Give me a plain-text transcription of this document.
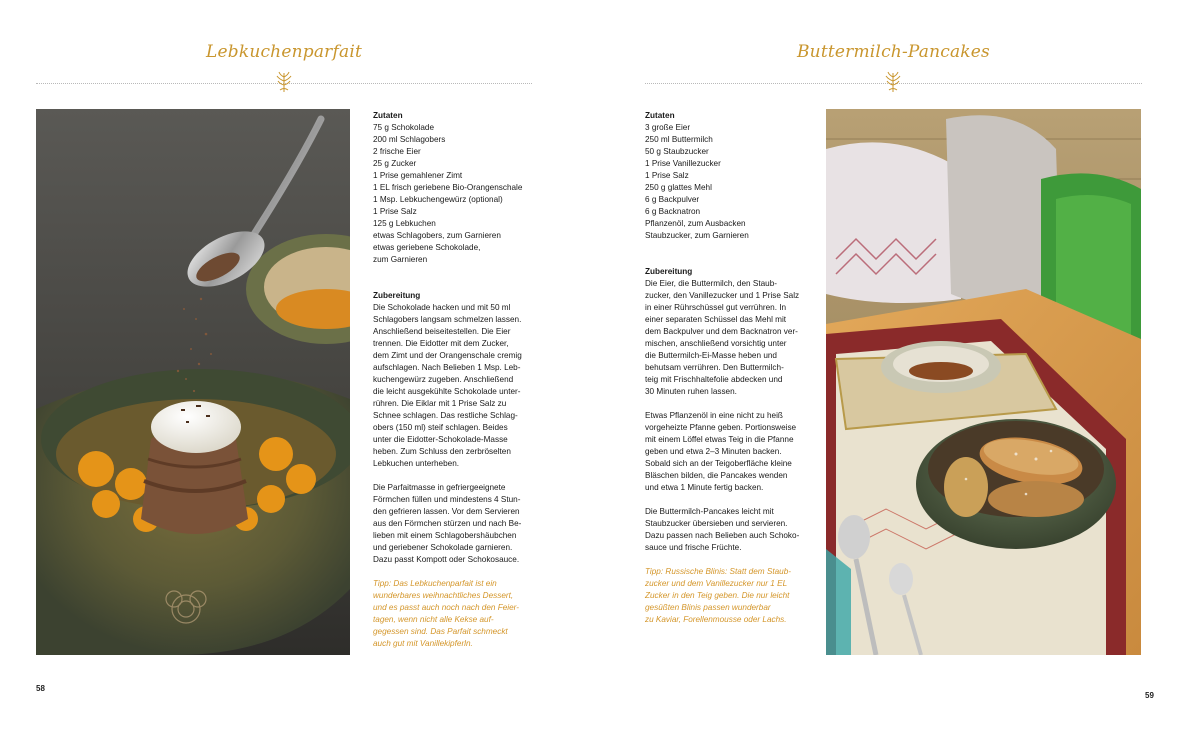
Lebkuchenparfait
Zutaten
75 g Schokolade
200 ml Schlagobers
2 frische Eier
25 g Zucker
1 Prise gemahlener Zimt
1 EL frisch geriebene Bio-Orangenschale
1 Msp. Lebkuchengewürz (optional)
1 Prise Salz
125 g Lebkuchen
etwas Schlagobers, zum Garnieren
etwas geriebene Schokolade,
zum Garnieren
Zubereitung
Die Schokolade hacken und mit 50 ml
Schlagobers langsam schmelzen lassen.
Anschließend beiseitestellen. Die Eier
trennen. Die Eidotter mit dem Zucker,
dem Zimt und der Orangenschale cremig
aufschlagen. Nach Belieben 1 Msp. Leb-
kuchengewürz zugeben. Anschließend
die leicht ausgekühlte Schokolade unter-
rühren. Die Eiklar mit 1 Prise Salz zu
Schnee schlagen. Das restliche Schlag-
obers (150 ml) steif schlagen. Beides
unter die Eidotter-Schokolade-Masse
heben. Zum Schluss den zerbröselten
Lebkuchen unterheben.
Die Parfaitmasse in gefriergeeignete
Förmchen füllen und mindestens 4 Stun-
den gefrieren lassen. Vor dem Servieren
aus den Förmchen stürzen und nach Be-
lieben mit einem Schlagobershäubchen
und geriebener Schokolade garnieren.
Dazu passt Kompott oder Schokosauce.
Tipp: Das Lebkuchenparfait ist ein
wunderbares weihnachtliches Dessert,
und es passt auch noch nach den Feier-
tagen, wenn nicht alle Kekse auf-
gegessen sind. Das Parfait schmeckt
auch gut mit Vanillekipferln.
58
Buttermilch-Pancakes
Zutaten
3 große Eier
250 ml Buttermilch
50 g Staubzucker
1 Prise Vanillezucker
1 Prise Salz
250 g glattes Mehl
6 g Backpulver
6 g Backnatron
Pflanzenöl, zum Ausbacken
Staubzucker, zum Garnieren
Zubereitung
Die Eier, die Buttermilch, den Staub-
zucker, den Vanillezucker und 1 Prise Salz
in einer Rührschüssel gut verrühren. In
einer separaten Schüssel das Mehl mit
dem Backpulver und dem Backnatron ver-
mischen, anschließend vorsichtig unter
die Buttermilch-Ei-Masse heben und
behutsam verrühren. Den Buttermilch-
teig mit Frischhaltefolie abdecken und
30 Minuten ruhen lassen.
Etwas Pflanzenöl in eine nicht zu heiß
vorgeheizte Pfanne geben. Portionsweise
mit einem Löffel etwas Teig in die Pfanne
geben und etwa 2–3 Minuten backen.
Sobald sich an der Teigoberfläche kleine
Bläschen bilden, die Pancakes wenden
und etwa 1 Minute fertig backen.
Die Buttermilch-Pancakes leicht mit
Staubzucker übersieben und servieren.
Dazu passen nach Belieben auch Schoko-
sauce und frische Früchte.
Tipp: Russische Blinis: Statt dem Staub-
zucker und dem Vanillezucker nur 1 EL
Zucker in den Teig geben. Die nur leicht
gesüßten Blinis passen wunderbar
zu Kaviar, Forellenmousse oder Lachs.
59
